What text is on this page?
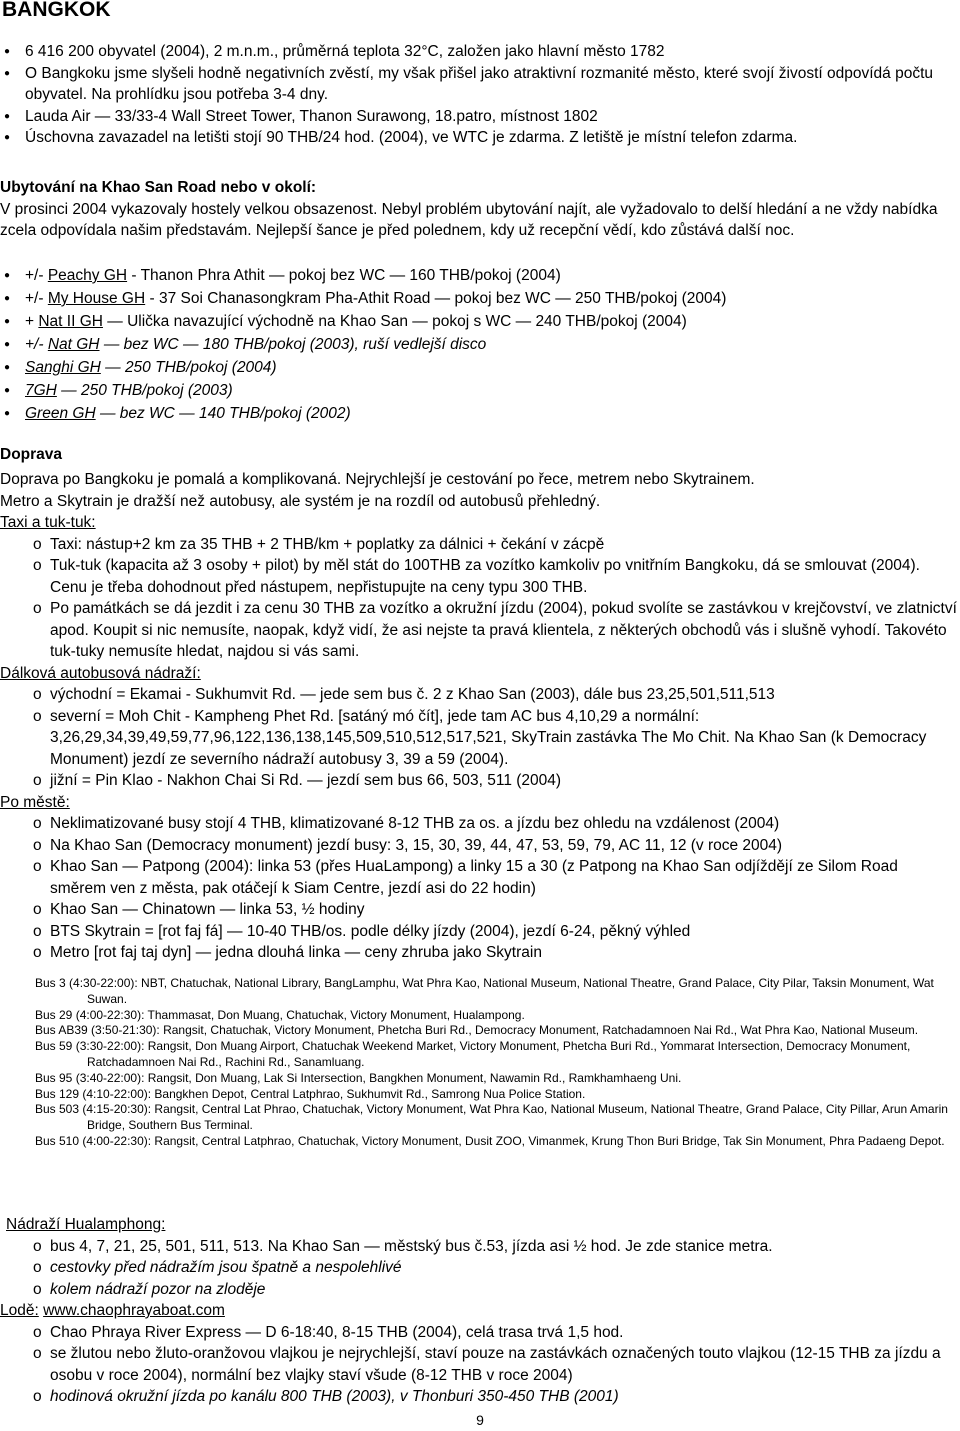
BANGKOK
● 6 416 200 obyvatel (2004), 2 m.n.m., průměrná teplota 32°C, založen jako hlavní město 1782
● O Bangkoku jsme slyšeli hodně negativních zvěstí, my však přišel jako atraktivní rozmanité město, které svojí živostí odpovídá počtu obyvatel. Na prohlídku jsou potřeba 3-4 dny.
● Lauda Air — 33/33-4 Wall Street Tower, Thanon Surawong, 18.patro, místnost 1802
● Úschovna zavazadel na letišti stojí 90 THB/24 hod. (2004), ve WTC je zdarma. Z letiště je místní telefon zdarma.

Ubytování na Khao San Road nebo v okolí:

V prosinci 2004 vykazovaly hostely velkou obsazenost. Nebyl problém ubytování najít, ale vyžadovalo to delší hledání a ne vždy nabídka zcela odpovídala našim představám. Nejlepší šance je před polednem, kdy už recepční vědí, kdo zůstává další noc.

● +/- Peachy GH - Thanon Phra Athit — pokoj bez WC — 160 THB/pokoj (2004)
● +/- My House GH - 37 Soi Chanasongkram Pha-Athit Road — pokoj bez WC — 250 THB/pokoj (2004)
● + Nat II GH — Ulička navazující východně na Khao San — pokoj s WC — 240 THB/pokoj (2004)
● +/- Nat GH — bez WC — 180 THB/pokoj (2003), ruší vedlejší disco
● Sanghi GH — 250 THB/pokoj (2004)
● 7GH — 250 THB/pokoj (2003)
● Green GH — bez WC — 140 THB/pokoj (2002)

Doprava

Doprava po Bangkoku je pomalá a komplikovaná. Nejrychlejší je cestování po řece, metrem nebo Skytrainem.

Metro a Skytrain je dražší než autobusy, ale systém je na rozdíl od autobusů přehledný.

Taxi a tuk-tuk:

o Taxi: nástup+2 km za 35 THB + 2 THB/km + poplatky za dálnici + čekání v zácpě
o Tuk-tuk (kapacita až 3 osoby + pilot) by měl stát do 100THB za vozítko kamkoliv po vnitřním Bangkoku, dá se smlouvat (2004). Cenu je třeba dohodnout před nástupem, nepřistupujte na ceny typu 300 THB.
o Po památkách se dá jezdit i za cenu 30 THB za vozítko a okružní jízdu (2004), pokud svolíte se zastávkou v krejčovství, ve zlatnictví apod. Koupit si nic nemusíte, naopak, když vidí, že asi nejste ta pravá klientela, z některých obchodů vás i slušně vyhodí. Takovéto tuk-tuky nemusíte hledat, najdou si vás sami.

Dálková autobusová nádraží:

o východní = Ekamai - Sukhumvit Rd. — jede sem bus č. 2 z Khao San (2003), dále bus 23,25,501,511,513
o severní = Moh Chit - Kampheng Phet Rd. [satáný mó čít], jede tam AC bus 4,10,29 a normální: 3,26,29,34,39,49,59,77,96,122,136,138,145,509,510,512,517,521, SkyTrain zastávka The Mo Chit. Na Khao San (k Democracy Monument) jezdí ze severního nádraží autobusy 3, 39 a 59 (2004).
o jižní = Pin Klao - Nakhon Chai Si Rd. — jezdí sem bus 66, 503, 511 (2004)

Po městě:

o Neklimatizované busy stojí 4 THB, klimatizované 8-12 THB za os. a jízdu bez ohledu na vzdálenost (2004)
o Na Khao San (Democracy monument) jezdí busy: 3, 15, 30, 39, 44, 47, 53, 59, 79, AC 11, 12 (v roce 2004)
o Khao San — Patpong (2004): linka 53 (přes HuaLampong) a linky 15 a 30 (z Patpong na Khao San odjíždějí ze Silom Road směrem ven z města, pak otáčejí k Siam Centre, jezdí asi do 22 hodin)
o Khao San — Chinatown — linka 53, ½ hodiny
o BTS Skytrain = [rot faj fá] — 10-40 THB/os. podle délky jízdy (2004), jezdí 6-24, pěkný výhled
o Metro [rot faj taj dyn] — jedna dlouhá linka — ceny zhruba jako Skytrain
Bus 3 (4:30-22:00): NBT, Chatuchak, National Library, BangLamphu, Wat Phra Kao, National Museum, National Theatre, Grand Palace, City Pilar, Taksin Monument, Wat Suwan.
Bus 29 (4:00-22:30): Thammasat, Don Muang, Chatuchak, Victory Monument, Hualampong.
Bus AB39 (3:50-21:30): Rangsit, Chatuchak, Victory Monument, Phetcha Buri Rd., Democracy Monument, Ratchadamnoen Nai Rd., Wat Phra Kao, National Museum.
Bus 59 (3:30-22:00): Rangsit, Don Muang Airport, Chatuchak Weekend Market, Victory Monument, Phetcha Buri Rd., Yommarat Intersection, Democracy Monument, Ratchadamnoen Nai Rd., Rachini Rd., Sanamluang.
Bus 95 (3:40-22:00): Rangsit, Don Muang, Lak Si Intersection, Bangkhen Monument, Nawamin Rd., Ramkhamhaeng Uni.
Bus 129 (4:10-22:00): Bangkhen Depot, Central Latphrao, Sukhumvit Rd., Samrong Nua Police Station.
Bus 503 (4:15-20:30): Rangsit, Central Lat Phrao, Chatuchak, Victory Monument, Wat Phra Kao, National Museum, National Theatre, Grand Palace, City Pillar, Arun Amarin Bridge, Southern Bus Terminal.
Bus 510 (4:00-22:30): Rangsit, Central Latphrao, Chatuchak, Victory Monument, Dusit ZOO, Vimanmek, Krung Thon Buri Bridge, Tak Sin Monument, Phra Padaeng Depot.

Nádraží Hualamphong:

o bus 4, 7, 21, 25, 501, 511, 513. Na Khao San — městský bus č.53, jízda asi ½ hod. Je zde stanice metra.
o cestovky před nádražím jsou špatně a nespolehlivé
o kolem nádraží pozor na zloděje

Lodě: www.chaophrayaboat.com

o Chao Phraya River Express — D 6-18:40, 8-15 THB (2004), celá trasa trvá 1,5 hod.
o se žlutou nebo žluto-oranžovou vlajkou je nejrychlejší, staví pouze na zastávkách označených touto vlajkou (12-15 THB za jízdu a osobu v roce 2004), normální bez vlajky staví všude (8-12 THB v roce 2004)
o hodinová okružní jízda po kanálu 800 THB (2003), v Thonburi 350-450 THB (2001)
9
